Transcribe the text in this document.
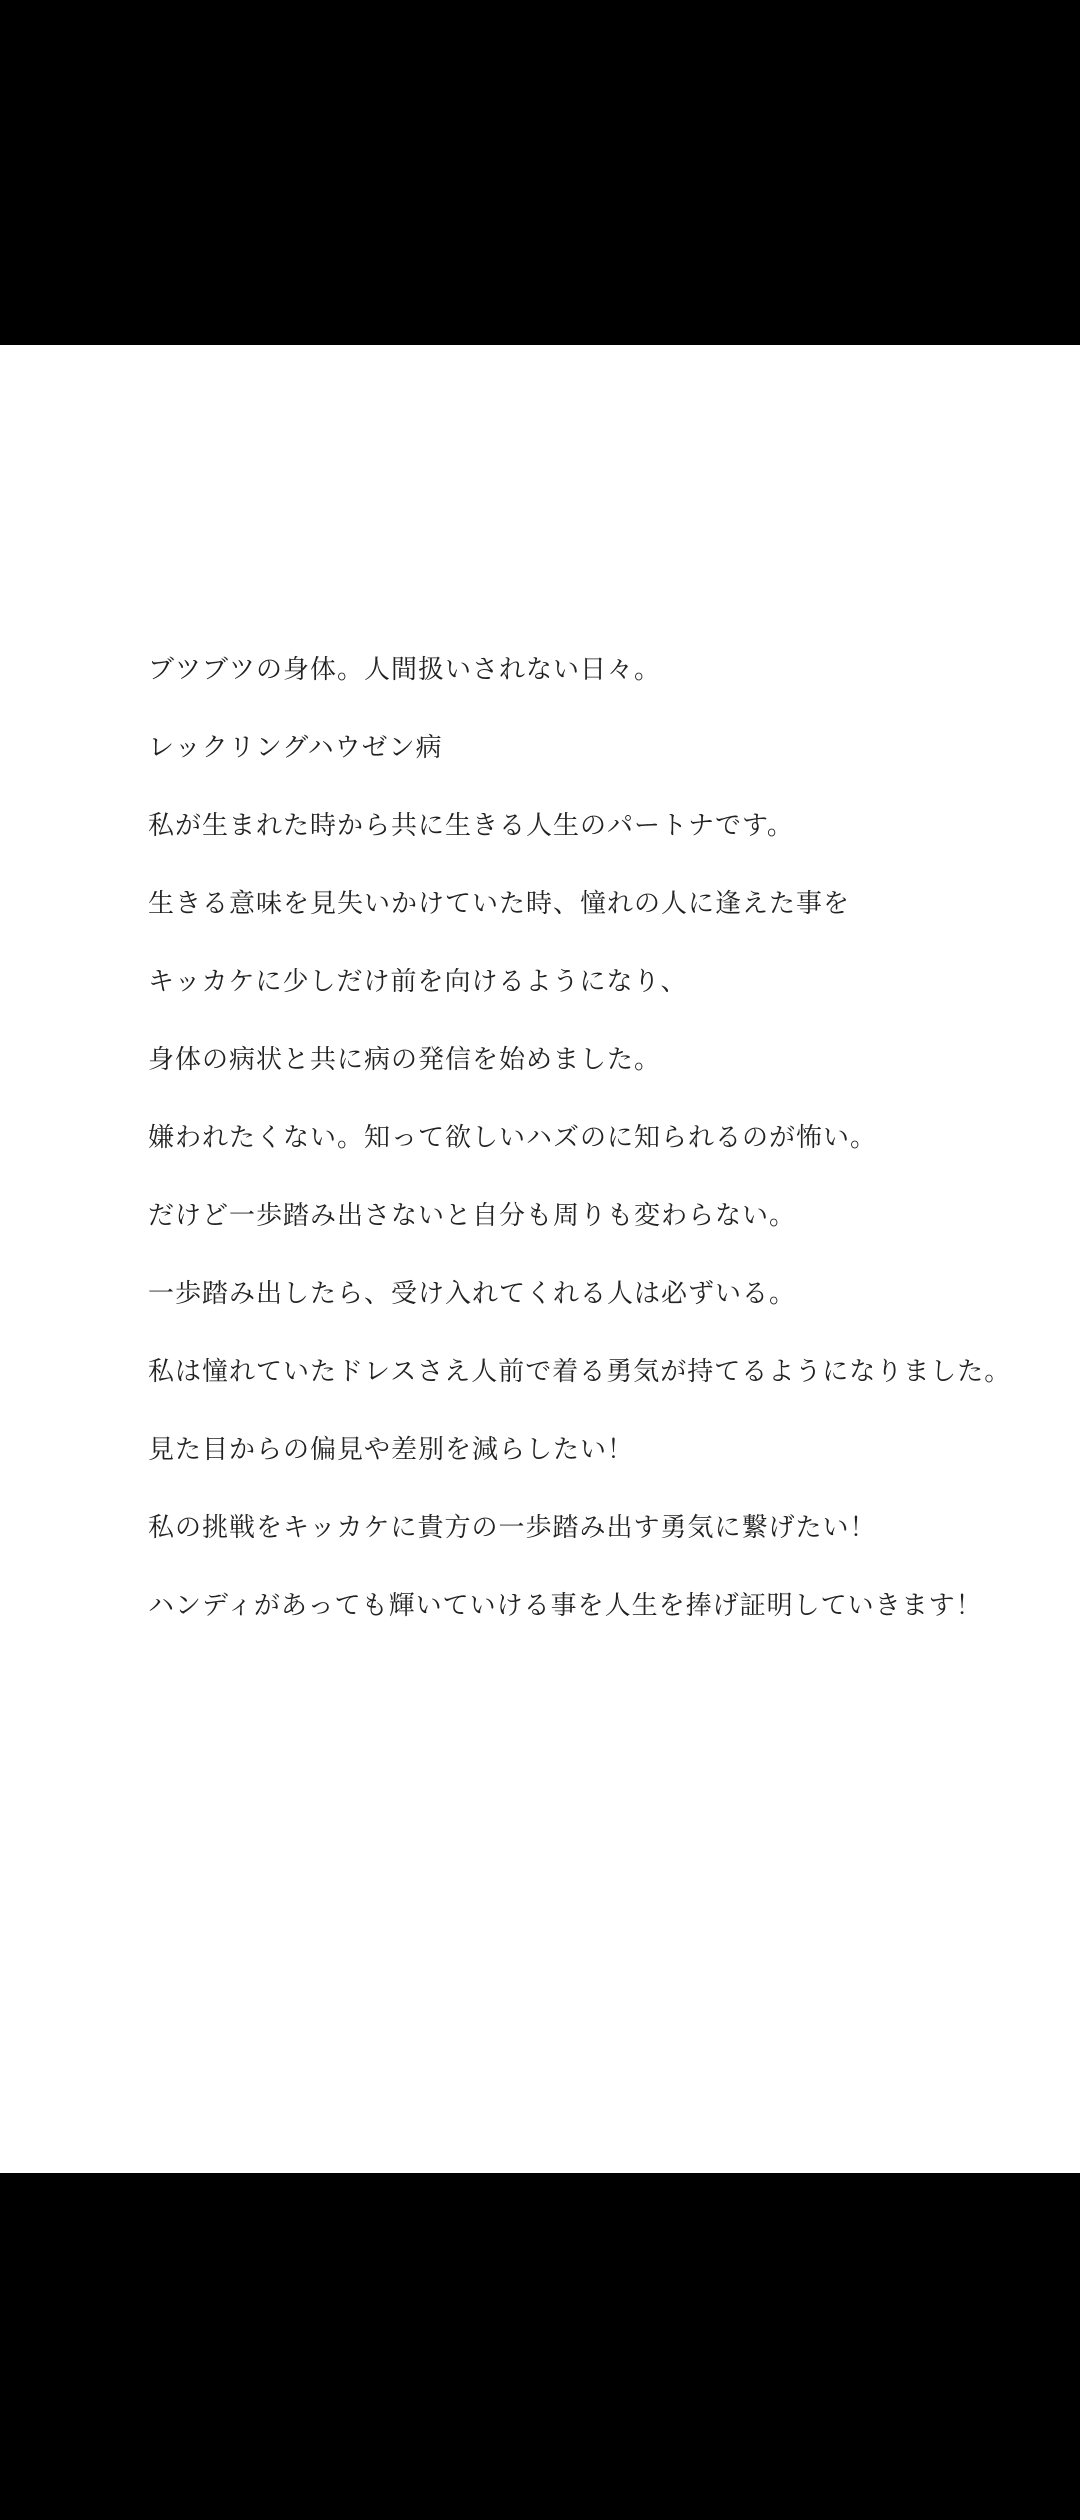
ブツブツの身体。人間扱いされない日々。

レックリングハウゼン病

私が生まれた時から共に生きる人生のパートナです。

生きる意味を見失いかけていた時、憧れの人に逢えた事を

キッカケに少しだけ前を向けるようになり、

身体の病状と共に病の発信を始めました。

嫌われたくない。知って欲しいハズのに知られるのが怖い。

だけど一歩踏み出さないと自分も周りも変わらない。

一歩踏み出したら、受け入れてくれる人は必ずいる。

私は憧れていたドレスさえ人前で着る勇気が持てるようになりました。

見た目からの偏見や差別を減らしたい！

私の挑戦をキッカケに貴方の一歩踏み出す勇気に繋げたい！

ハンディがあっても輝いていける事を人生を捧げ証明していきます！
